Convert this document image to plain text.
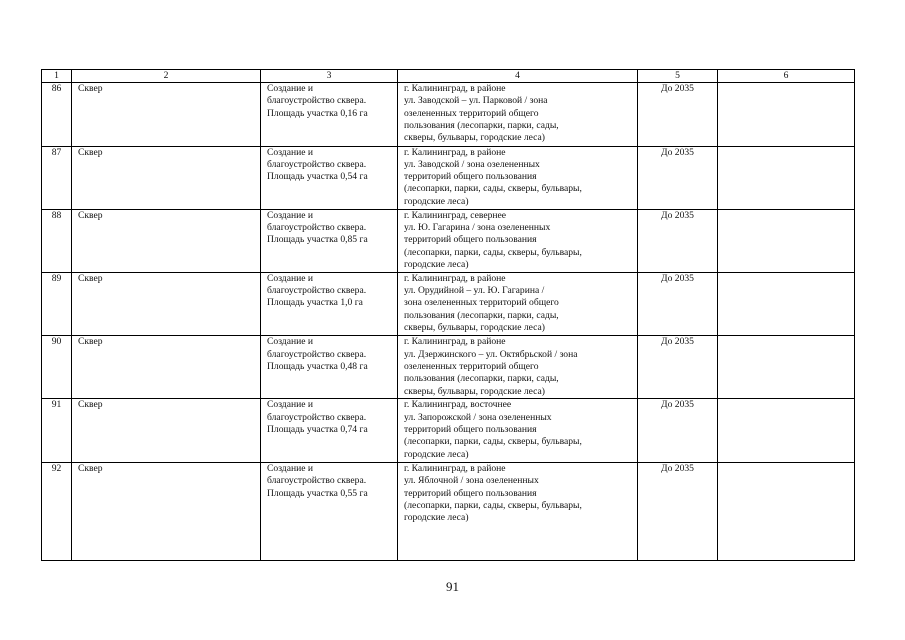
1	2	3	4	5	6
86	Сквер	Создание и
благоустройство сквера.
Площадь участка 0,16 га	г. Калининград, в районе
ул. Заводской – ул. Парковой / зона
озелененных территорий общего
пользования (лесопарки, парки, сады,
скверы, бульвары, городские леса)	До 2035	
87	Сквер	Создание и
благоустройство сквера.
Площадь участка 0,54 га	г. Калининград, в районе
ул. Заводской / зона озелененных
территорий общего пользования
(лесопарки, парки, сады, скверы, бульвары,
городские леса)	До 2035	
88	Сквер	Создание и
благоустройство сквера.
Площадь участка 0,85 га	г. Калининград, севернее
ул. Ю. Гагарина / зона озелененных
территорий общего пользования
(лесопарки, парки, сады, скверы, бульвары,
городские леса)	До 2035	
89	Сквер	Создание и
благоустройство сквера.
Площадь участка 1,0 га	г. Калининград, в районе
ул. Орудийной – ул. Ю. Гагарина /
зона озелененных территорий общего
пользования (лесопарки, парки, сады,
скверы, бульвары, городские леса)	До 2035	
90	Сквер	Создание и
благоустройство сквера.
Площадь участка 0,48 га	г. Калининград, в районе
ул. Дзержинского – ул. Октябрьской / зона
озелененных территорий общего
пользования (лесопарки, парки, сады,
скверы, бульвары, городские леса)	До 2035	
91	Сквер	Создание и
благоустройство сквера.
Площадь участка 0,74 га	г. Калининград, восточнее
ул. Запорожской / зона озелененных
территорий общего пользования
(лесопарки, парки, сады, скверы, бульвары,
городские леса)	До 2035	
92	Сквер	Создание и
благоустройство сквера.
Площадь участка 0,55 га	г. Калининград, в районе
ул. Яблочной / зона озелененных
территорий общего пользования
(лесопарки, парки, сады, скверы, бульвары,
городские леса)	До 2035	
91
